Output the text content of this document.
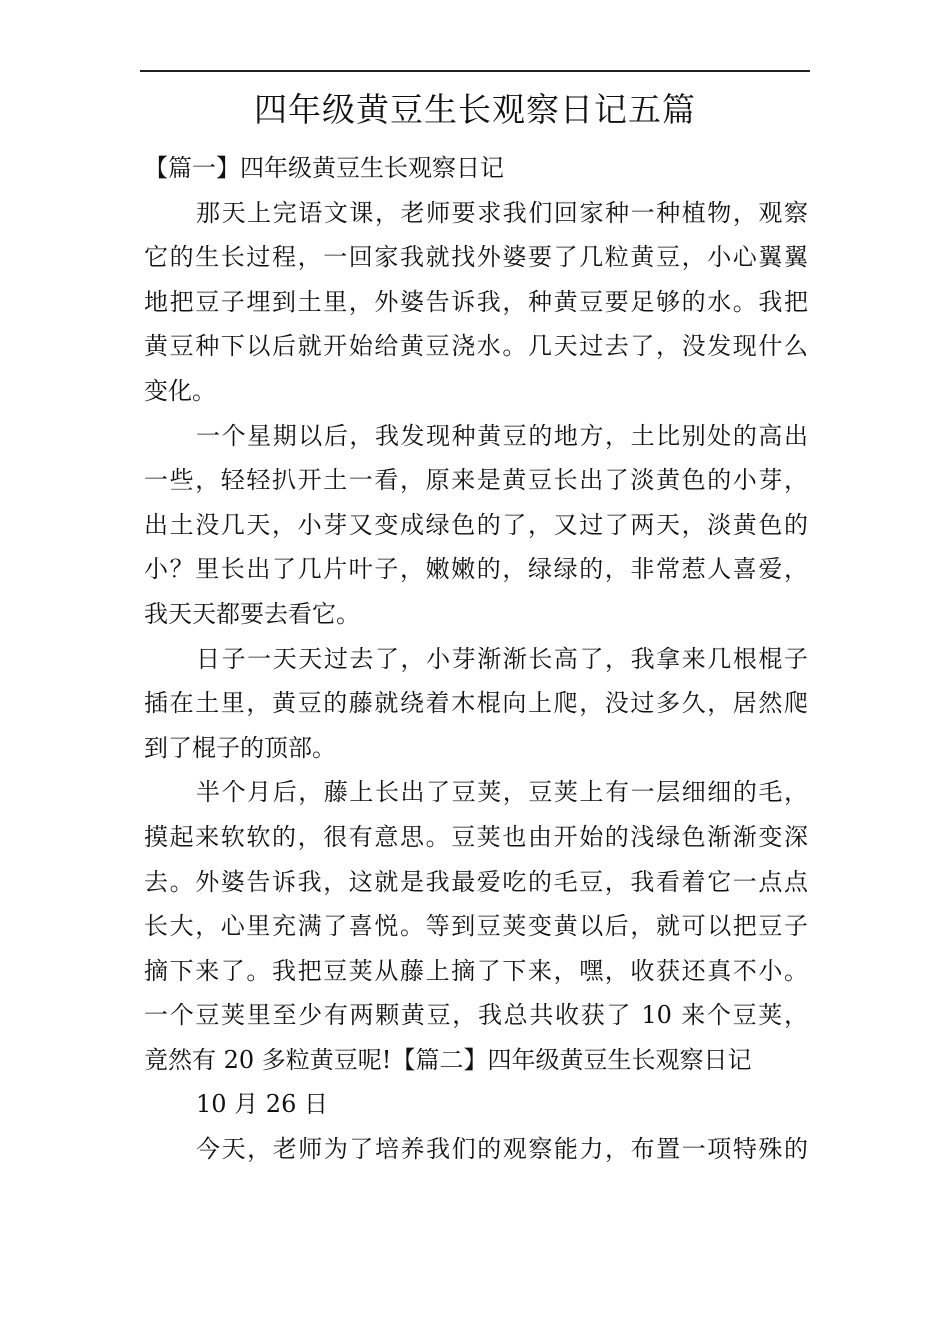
四年级黄豆生长观察日记五篇
【篇一】四年级黄豆生长观察日记
那天上完语文课，老师要求我们回家种一种植物，观察
它的生长过程，一回家我就找外婆要了几粒黄豆，小心翼翼
地把豆子埋到土里，外婆告诉我，种黄豆要足够的水。我把
黄豆种下以后就开始给黄豆浇水。几天过去了，没发现什么
变化。
一个星期以后，我发现种黄豆的地方，土比别处的高出
一些，轻轻扒开土一看，原来是黄豆长出了淡黄色的小芽，
出土没几天，小芽又变成绿色的了，又过了两天，淡黄色的
小？里长出了几片叶子，嫩嫩的，绿绿的，非常惹人喜爱，
我天天都要去看它。
日子一天天过去了，小芽渐渐长高了，我拿来几根棍子
插在土里，黄豆的藤就绕着木棍向上爬，没过多久，居然爬
到了棍子的顶部。
半个月后，藤上长出了豆荚，豆荚上有一层细细的毛，
摸起来软软的，很有意思。豆荚也由开始的浅绿色渐渐变深
去。外婆告诉我，这就是我最爱吃的毛豆，我看着它一点点
长大，心里充满了喜悦。等到豆荚变黄以后，就可以把豆子
摘下来了。我把豆荚从藤上摘了下来，嘿，收获还真不小。
一个豆荚里至少有两颗黄豆，我总共收获了 10 来个豆荚，
竟然有 20 多粒黄豆呢!【篇二】四年级黄豆生长观察日记
10 月 26 日
今天，老师为了培养我们的观察能力，布置一项特殊的
